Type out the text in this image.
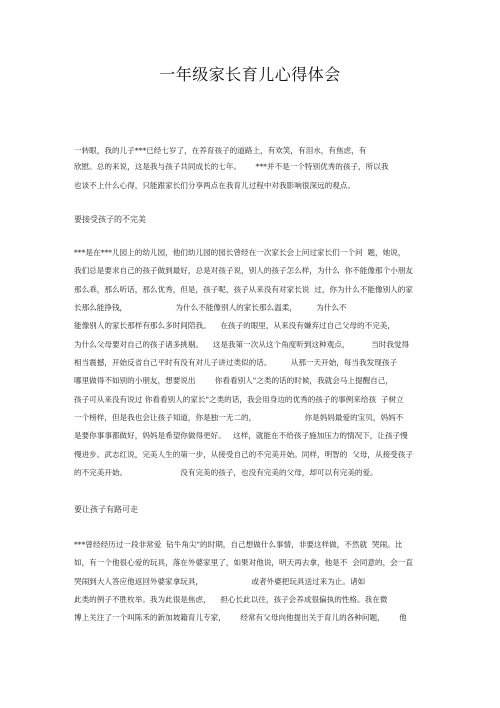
一年级家长育儿心得体会
一转眼，我的儿子***已经七岁了，在养育孩子的道路上，有欢笑，有泪水，有焦虑，有
欣慰。总的来说，这是我与孩子共同成长的七年。      ***并不是一个特别优秀的孩子，所以我
也谈不上什么心得，只能跟家长们分享两点在我育儿过程中对我影响很深远的观点。
要接受孩子的不完美
***是在***儿园上的幼儿园，他们幼儿园的园长曾经在一次家长会上问过家长们一个问  题，她说，
我们总是要求自己的孩子做到最好，总是对孩子说，别人的孩子怎么样，为什么  你不能像那个小朋友
那么乖，那么听话，那么优秀，但是，孩子呢，孩子从来没有对家长说  过，你为什么不能像别人的家
长那么能挣钱，                    为什么不能像别人的家长那么温柔，        为什么不
能像别人的家长那样有那么多时间陪我。    在孩子的眼里，从来没有嫌弃过自己父母的不完美，
为什么父母要对自己的孩子诸多挑剔。    这是我第一次从这个角度听到这种观点，         当时我觉得
相当震撼，开始反省自己平时有没有对儿子讲过类似的话。        从那一天开始，每当我发现孩子
哪里做得不如别的小朋友，想要说出        你看看别人"之类的话的时候，我就会马上提醒自己，
孩子可从来没有说过 你看看别人的家长"之类的话，我会用身边的优秀的孩子的事例来给孩  子树立
一个榜样，但是我也会让孩子知道，你是独一无二的，                    你是妈妈最爱的宝贝，妈妈不
是要你事事都做好，妈妈是希望你做得更好。   这样，就能在不给孩子施加压力的情况下，让孩子慢
慢进步。武志红说，完美人生的第一步，从接受自己的不完美开始。同样，明智的  父母，从接受孩子
的不完美开始。                      没有完美的孩子，也没有完美的父母，却可以有完美的爱。
要让孩子有路可走
***曾经经历过一段非常爱  钻牛角尖"的时期，自己想做什么事情，非要这样做，不然就  哭闹。比
如，有一个他很心爱的玩具，落在外婆家里了，如果对他说，明天再去拿，他是不  会同意的，会一直
哭闹到大人答应他返回外婆家拿玩具，                    或者外婆把玩具送过来为止。诸如
此类的例子不胜枚举。我为此很是焦虑，    担心长此以往，孩子会养成很偏执的性格。我在微
博上关注了一个叫陈禾的新加坡籍育儿专家，      经常有父母向他提出关于育儿的各种问题，      他
